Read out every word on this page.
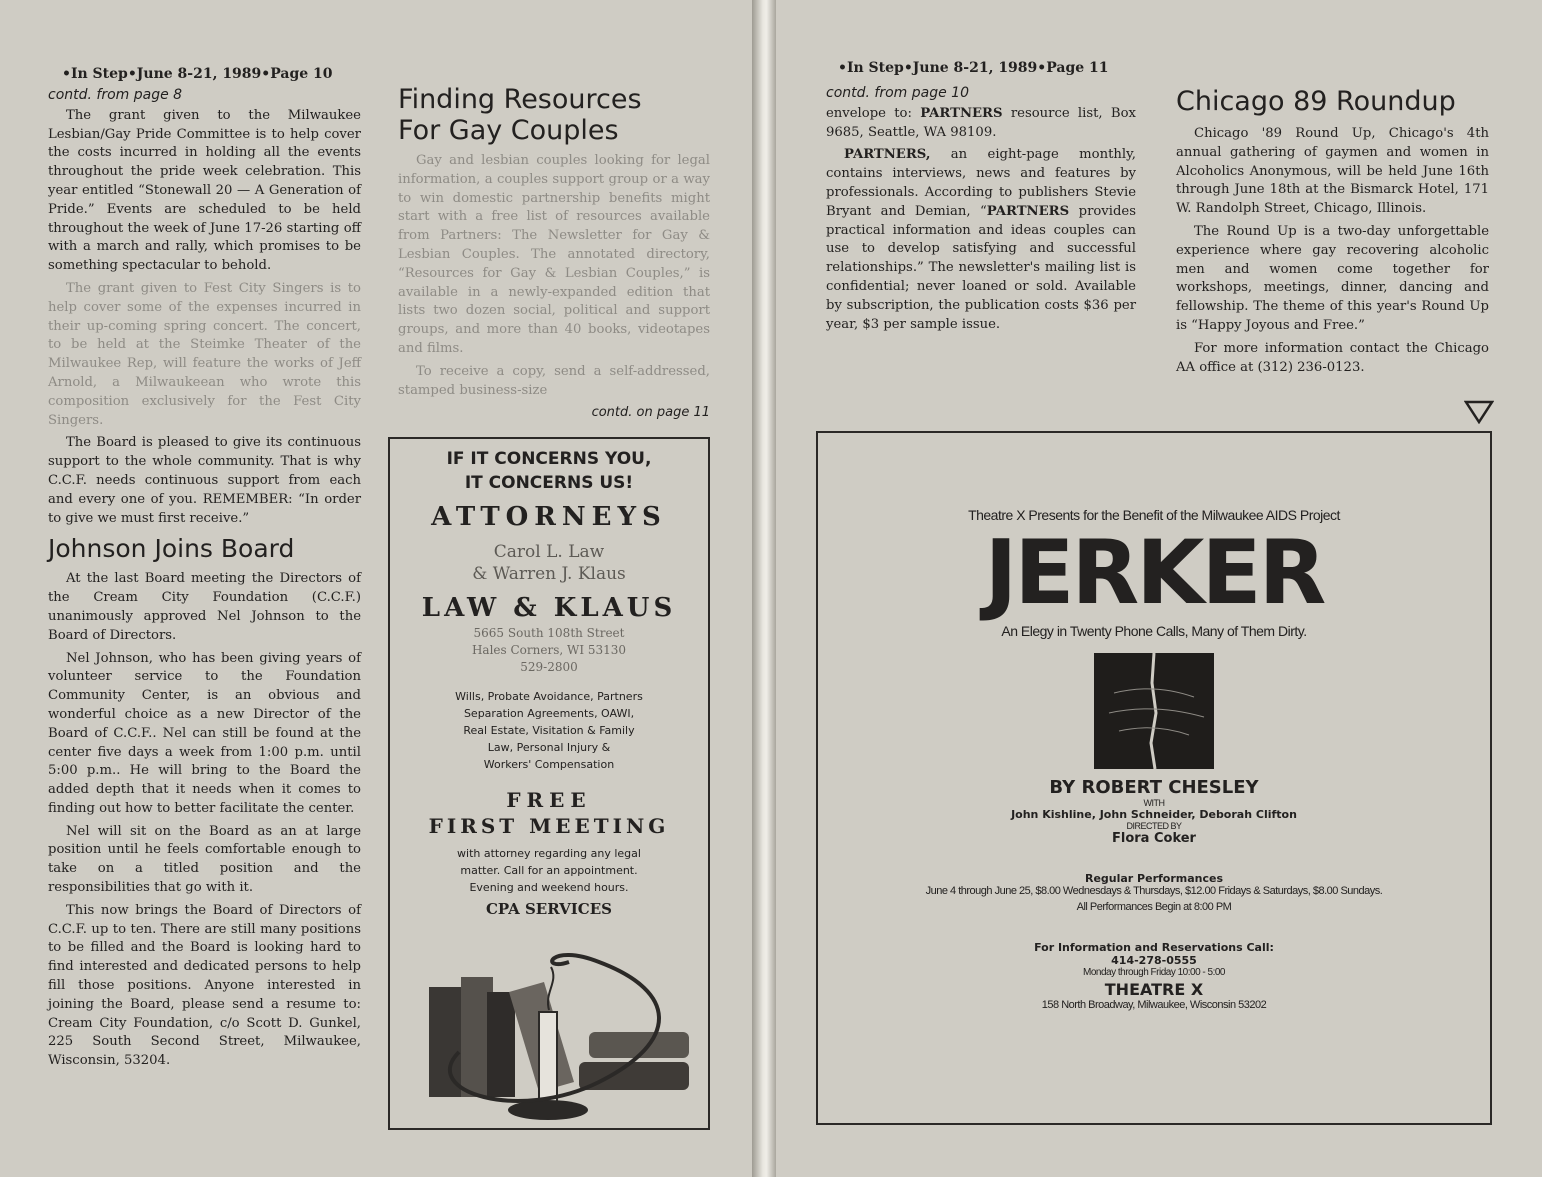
•In Step•June 8-21, 1989•Page 10
contd. from page 8

The grant given to the Milwaukee Lesbian/Gay Pride Committee is to help cover the costs incurred in holding all the events throughout the pride week celebration. This year entitled “Stonewall 20 — A Generation of Pride.” Events are scheduled to be held throughout the week of June 17-26 starting off with a march and rally, which promises to be something spectacular to behold.

The grant given to Fest City Singers is to help cover some of the expenses incurred in their up-coming spring concert. The concert, to be held at the Steimke Theater of the Milwaukee Rep, will feature the works of Jeff Arnold, a Milwaukeean who wrote this composition exclusively for the Fest City Singers.

The Board is pleased to give its continuous support to the whole community. That is why C.C.F. needs continuous support from each and every one of you. REMEMBER: “In order to give we must first receive.”

Johnson Joins Board

At the last Board meeting the Directors of the Cream City Foundation (C.C.F.) unanimously approved Nel Johnson to the Board of Directors.

Nel Johnson, who has been giving years of volunteer service to the Foundation Community Center, is an obvious and wonderful choice as a new Director of the Board of C.C.F.. Nel can still be found at the center five days a week from 1:00 p.m. until 5:00 p.m.. He will bring to the Board the added depth that it needs when it comes to finding out how to better facilitate the center.

Nel will sit on the Board as an at large position until he feels comfortable enough to take on a titled position and the responsibilities that go with it.

This now brings the Board of Directors of C.C.F. up to ten. There are still many positions to be filled and the Board is looking hard to find interested and dedicated persons to help fill those positions. Anyone interested in joining the Board, please send a resume to: Cream City Foundation, c/o Scott D. Gunkel, 225 South Second Street, Milwaukee, Wisconsin, 53204.

Finding Resources
For Gay Couples

Gay and lesbian couples looking for legal information, a couples support group or a way to win domestic partnership benefits might start with a free list of resources available from Partners: The Newsletter for Gay & Lesbian Couples. The annotated directory, “Resources for Gay & Lesbian Couples,” is available in a newly-expanded edition that lists two dozen social, political and support groups, and more than 40 books, videotapes and films.

To receive a copy, send a self-addressed, stamped business-size

contd. on page 11
IF IT CONCERNS YOU,
IT CONCERNS US!
ATTORNEYS
Carol L. Law
& Warren J. Klaus
LAW & KLAUS
5665 South 108th Street
Hales Corners, WI 53130
529-2800
Wills, Probate Avoidance, Partners
Separation Agreements, OAWI,
Real Estate, Visitation & Family
Law, Personal Injury &
Workers' Compensation
FREE
FIRST MEETING
with attorney regarding any legal
matter. Call for an appointment.
Evening and weekend hours.
CPA SERVICES
•In Step•June 8-21, 1989•Page 11
contd. from page 10

envelope to: PARTNERS resource list, Box 9685, Seattle, WA 98109.

PARTNERS, an eight-page monthly, contains interviews, news and features by professionals. According to publishers Stevie Bryant and Demian, “PARTNERS provides practical information and ideas couples can use to develop satisfying and successful relationships.” The newsletter's mailing list is confidential; never loaned or sold. Available by subscription, the publication costs $36 per year, $3 per sample issue.

Chicago 89 Roundup

Chicago '89 Round Up, Chicago's 4th annual gathering of gaymen and women in Alcoholics Anonymous, will be held June 16th through June 18th at the Bismarck Hotel, 171 W. Randolph Street, Chicago, Illinois.

The Round Up is a two-day unforgettable experience where gay recovering alcoholic men and women come together for workshops, meetings, dinner, dancing and fellowship. The theme of this year's Round Up is “Happy Joyous and Free.”

For more information contact the Chicago AA office at (312) 236-0123.

Theatre X Presents for the Benefit of the Milwaukee AIDS Project
JERKER
An Elegy in Twenty Phone Calls, Many of Them Dirty.
BY ROBERT CHESLEY
WITH
John Kishline, John Schneider, Deborah Clifton
DIRECTED BY
Flora Coker
Regular Performances
June 4 through June 25, $8.00 Wednesdays & Thursdays, $12.00 Fridays & Saturdays, $8.00 Sundays.
All Performances Begin at 8:00 PM
For Information and Reservations Call:
414-278-0555
Monday through Friday 10:00 - 5:00
THEATRE X
158 North Broadway, Milwaukee, Wisconsin 53202
